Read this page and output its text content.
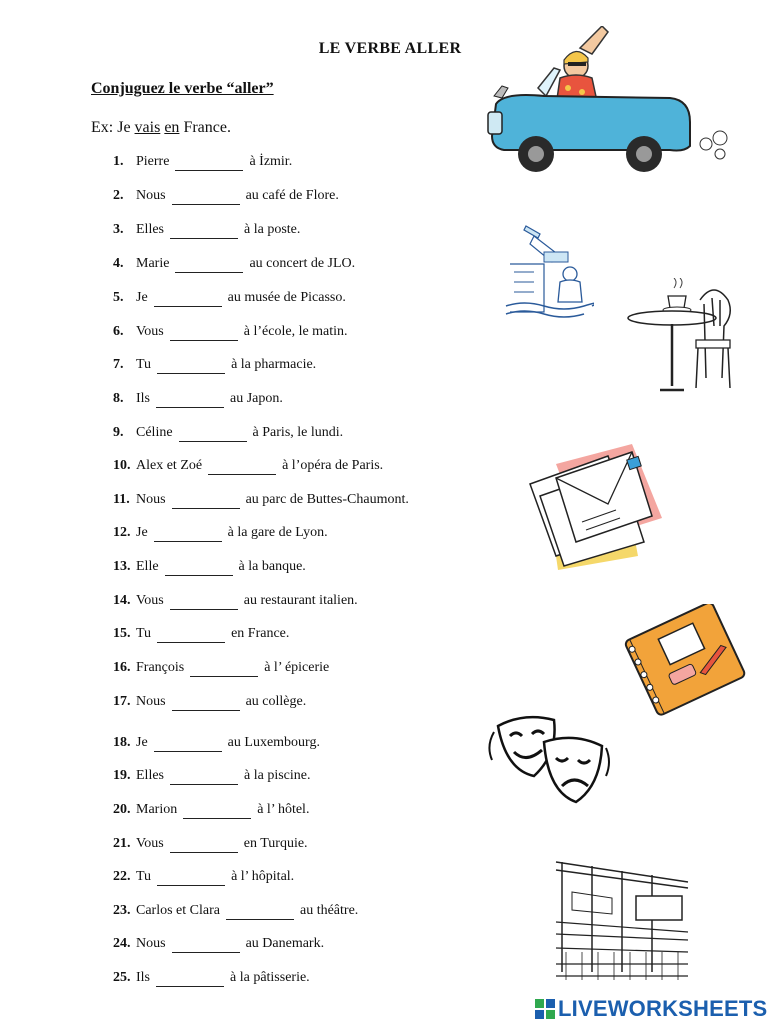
LE VERBE ALLER
Conjuguez le verbe “aller”
Ex: Je vais en France.
1. Pierre	à İzmir.
2. Nous	au café de Flore.
3. Elles	à la poste.
4. Marie	au concert de JLO.
5. Je	au musée de Picasso.
6. Vous	à l’école, le matin.
7. Tu	à la pharmacie.
8. Ils	au Japon.
9. Céline	à Paris, le lundi.
10. Alex et Zoé	à l’opéra de Paris.
11. Nous	au parc de Buttes-Chaumont.
12. Je	à la gare de Lyon.
13. Elle	à la banque.
14. Vous	au restaurant italien.
15. Tu	en France.
16. François	à l’ épicerie
17. Nous	au collège.
18. Je	au Luxembourg.
19. Elles	à la piscine.
20. Marion	à l’ hôtel.
21. Vous	en Turquie.
22. Tu	à l’ hôpital.
23. Carlos et Clara	au théâtre.
24. Nous	au Danemark.
25. Ils	à la pâtisserie.
LIVEWORKSHEETS
